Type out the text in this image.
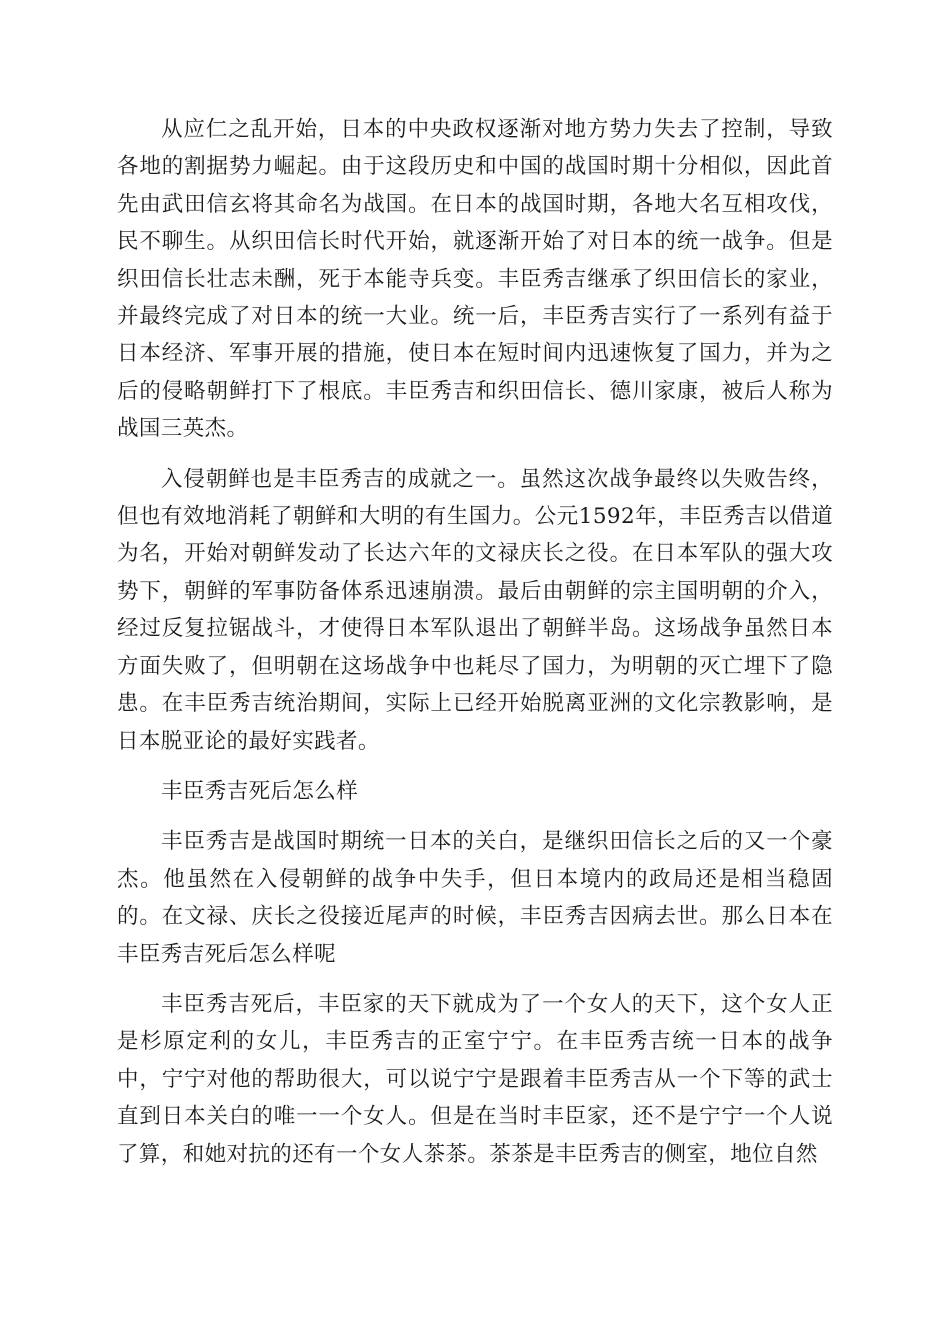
从应仁之乱开始，日本的中央政权逐渐对地方势力失去了控制，导致各地的割据势力崛起。由于这段历史和中国的战国时期十分相似，因此首先由武田信玄将其命名为战国。在日本的战国时期，各地大名互相攻伐，民不聊生。从织田信长时代开始，就逐渐开始了对日本的统一战争。但是织田信长壮志未酬，死于本能寺兵变。丰臣秀吉继承了织田信长的家业，并最终完成了对日本的统一大业。统一后，丰臣秀吉实行了一系列有益于日本经济、军事开展的措施，使日本在短时间内迅速恢复了国力，并为之后的侵略朝鲜打下了根底。丰臣秀吉和织田信长、德川家康，被后人称为战国三英杰。

入侵朝鲜也是丰臣秀吉的成就之一。虽然这次战争最终以失败告终，但也有效地消耗了朝鲜和大明的有生国力。公元1592年，丰臣秀吉以借道为名，开始对朝鲜发动了长达六年的文禄庆长之役。在日本军队的强大攻势下，朝鲜的军事防备体系迅速崩溃。最后由朝鲜的宗主国明朝的介入，经过反复拉锯战斗，才使得日本军队退出了朝鲜半岛。这场战争虽然日本方面失败了，但明朝在这场战争中也耗尽了国力，为明朝的灭亡埋下了隐患。在丰臣秀吉统治期间，实际上已经开始脱离亚洲的文化宗教影响，是日本脱亚论的最好实践者。

丰臣秀吉死后怎么样

丰臣秀吉是战国时期统一日本的关白，是继织田信长之后的又一个豪杰。他虽然在入侵朝鲜的战争中失手，但日本境内的政局还是相当稳固的。在文禄、庆长之役接近尾声的时候，丰臣秀吉因病去世。那么日本在丰臣秀吉死后怎么样呢

丰臣秀吉死后，丰臣家的天下就成为了一个女人的天下，这个女人正是杉原定利的女儿，丰臣秀吉的正室宁宁。在丰臣秀吉统一日本的战争中，宁宁对他的帮助很大，可以说宁宁是跟着丰臣秀吉从一个下等的武士直到日本关白的唯一一个女人。但是在当时丰臣家，还不是宁宁一个人说了算，和她对抗的还有一个女人茶茶。茶茶是丰臣秀吉的侧室，地位自然
